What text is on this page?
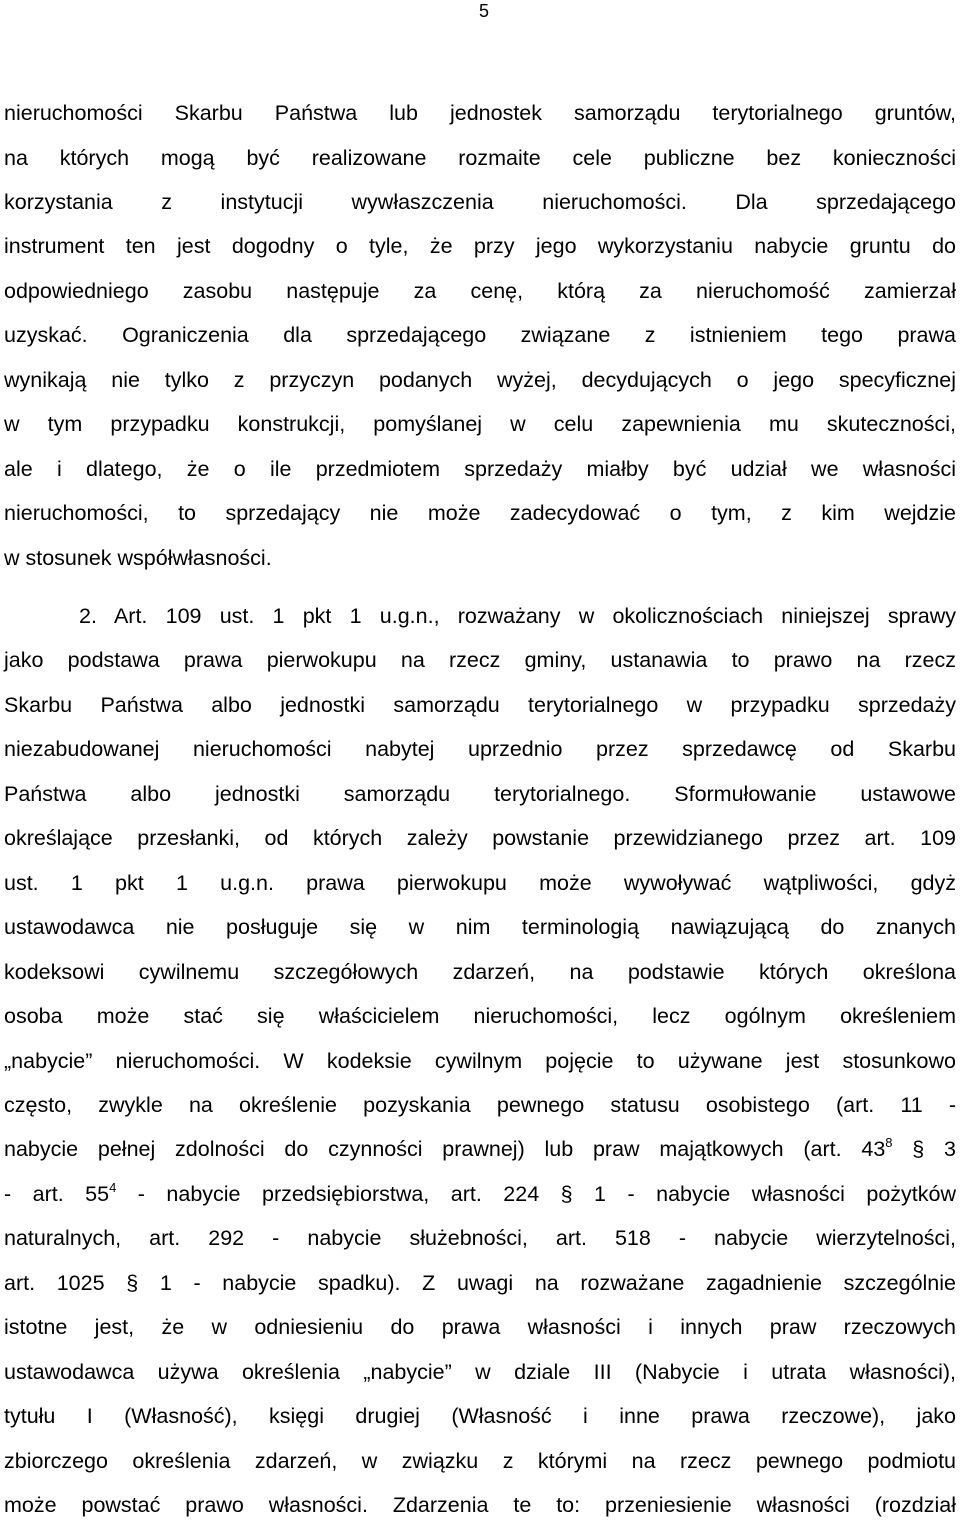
5
nieruchomości Skarbu Państwa lub jednostek samorządu terytorialnego gruntów,
na których mogą być realizowane rozmaite cele publiczne bez konieczności
korzystania z instytucji wywłaszczenia nieruchomości. Dla sprzedającego
instrument ten jest dogodny o tyle, że przy jego wykorzystaniu nabycie gruntu do
odpowiedniego zasobu następuje za cenę, którą za nieruchomość zamierzał
uzyskać. Ograniczenia dla sprzedającego związane z istnieniem tego prawa
wynikają nie tylko z przyczyn podanych wyżej, decydujących o jego specyficznej
w tym przypadku konstrukcji, pomyślanej w celu zapewnienia mu skuteczności,
ale i dlatego, że o ile przedmiotem sprzedaży miałby być udział we własności
nieruchomości, to sprzedający nie może zadecydować o tym, z kim wejdzie
w stosunek współwłasności.
2. Art. 109 ust. 1 pkt 1 u.g.n., rozważany w okolicznościach niniejszej sprawy
jako podstawa prawa pierwokupu na rzecz gminy, ustanawia to prawo na rzecz
Skarbu Państwa albo jednostki samorządu terytorialnego w przypadku sprzedaży
niezabudowanej nieruchomości nabytej uprzednio przez sprzedawcę od Skarbu
Państwa albo jednostki samorządu terytorialnego. Sformułowanie ustawowe
określające przesłanki, od których zależy powstanie przewidzianego przez art. 109
ust. 1 pkt 1 u.g.n. prawa pierwokupu może wywoływać wątpliwości, gdyż
ustawodawca nie posługuje się w nim terminologią nawiązującą do znanych
kodeksowi cywilnemu szczegółowych zdarzeń, na podstawie których określona
osoba może stać się właścicielem nieruchomości, lecz ogólnym określeniem
„nabycie” nieruchomości. W kodeksie cywilnym pojęcie to używane jest stosunkowo
często, zwykle na określenie pozyskania pewnego statusu osobistego (art. 11 -
nabycie pełnej zdolności do czynności prawnej) lub praw majątkowych (art. $43^8$ § 3
- art. $55^4$ - nabycie przedsiębiorstwa, art. 224 § 1 - nabycie własności pożytków
naturalnych, art. 292 - nabycie służebności, art. 518 - nabycie wierzytelności,
art. 1025 § 1 - nabycie spadku). Z uwagi na rozważane zagadnienie szczególnie
istotne jest, że w odniesieniu do prawa własności i innych praw rzeczowych
ustawodawca używa określenia „nabycie” w dziale III (Nabycie i utrata własności),
tytułu I (Własność), księgi drugiej (Własność i inne prawa rzeczowe), jako
zbiorczego określenia zdarzeń, w związku z którymi na rzecz pewnego podmiotu
może powstać prawo własności. Zdarzenia te to: przeniesienie własności (rozdział
